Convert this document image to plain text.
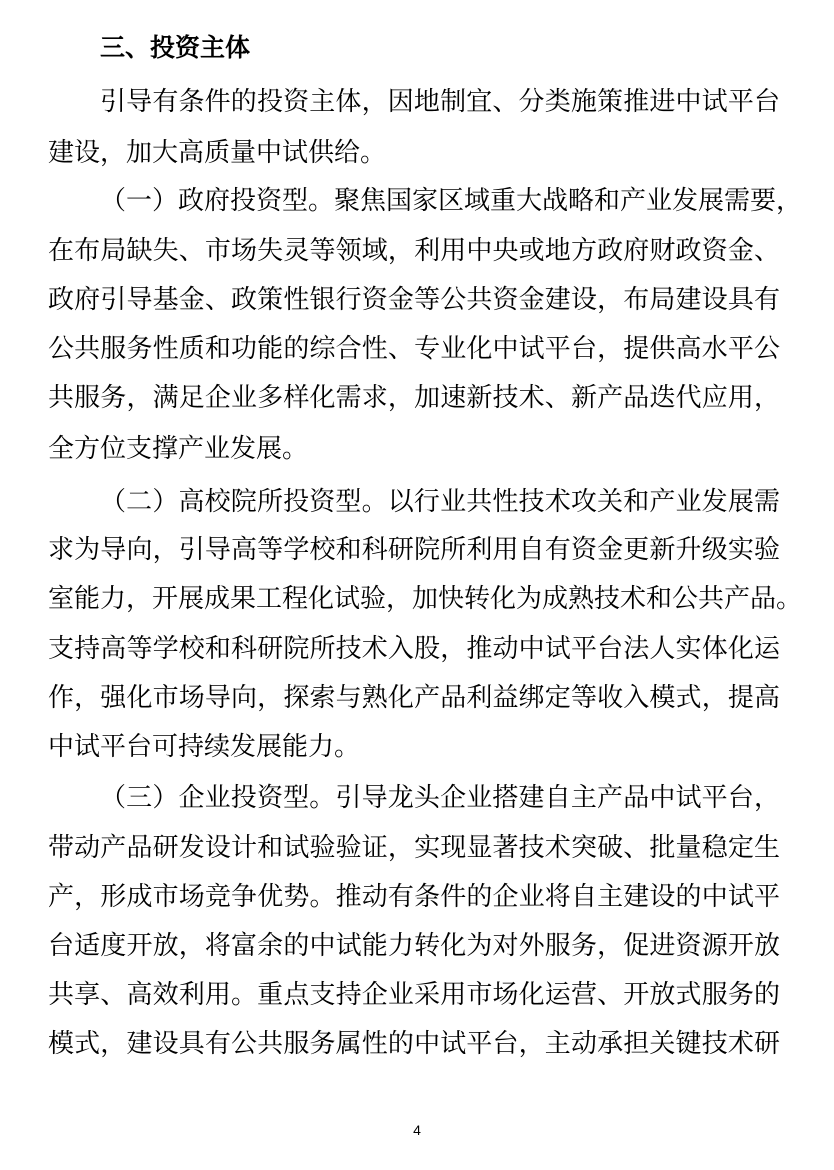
三、投资主体
引导有条件的投资主体，因地制宜、分类施策推进中试平台
建设，加大高质量中试供给。
（一）政府投资型。聚焦国家区域重大战略和产业发展需要，
在布局缺失、市场失灵等领域，利用中央或地方政府财政资金、
政府引导基金、政策性银行资金等公共资金建设，布局建设具有
公共服务性质和功能的综合性、专业化中试平台，提供高水平公
共服务，满足企业多样化需求，加速新技术、新产品迭代应用，
全方位支撑产业发展。
（二）高校院所投资型。以行业共性技术攻关和产业发展需
求为导向，引导高等学校和科研院所利用自有资金更新升级实验
室能力，开展成果工程化试验，加快转化为成熟技术和公共产品。
支持高等学校和科研院所技术入股，推动中试平台法人实体化运
作，强化市场导向，探索与熟化产品利益绑定等收入模式，提高
中试平台可持续发展能力。
（三）企业投资型。引导龙头企业搭建自主产品中试平台，
带动产品研发设计和试验验证，实现显著技术突破、批量稳定生
产，形成市场竞争优势。推动有条件的企业将自主建设的中试平
台适度开放，将富余的中试能力转化为对外服务，促进资源开放
共享、高效利用。重点支持企业采用市场化运营、开放式服务的
模式，建设具有公共服务属性的中试平台，主动承担关键技术研
4
